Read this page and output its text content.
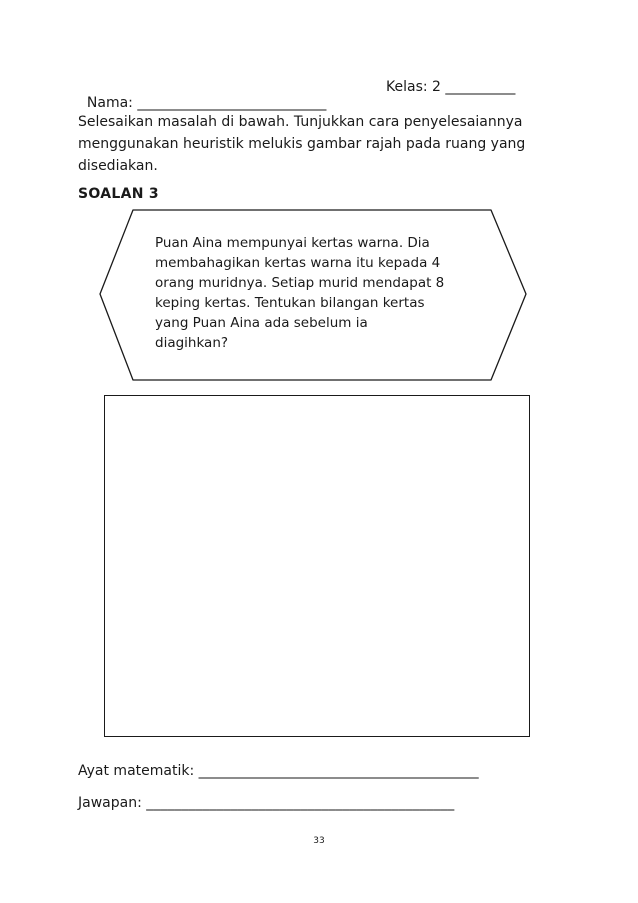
Nama: ___________________________

Kelas: 2 __________

Selesaikan masalah di bawah. Tunjukkan cara penyelesaiannya menggunakan heuristik melukis gambar rajah pada ruang yang disediakan.
SOALAN 3
Puan Aina mempunyai kertas warna. Dia
membahagikan kertas warna itu kepada 4
orang muridnya. Setiap murid mendapat 8
keping kertas. Tentukan bilangan kertas
yang Puan Aina ada sebelum ia
diagihkan?
Ayat matematik: ________________________________________
Jawapan: ____________________________________________
33
